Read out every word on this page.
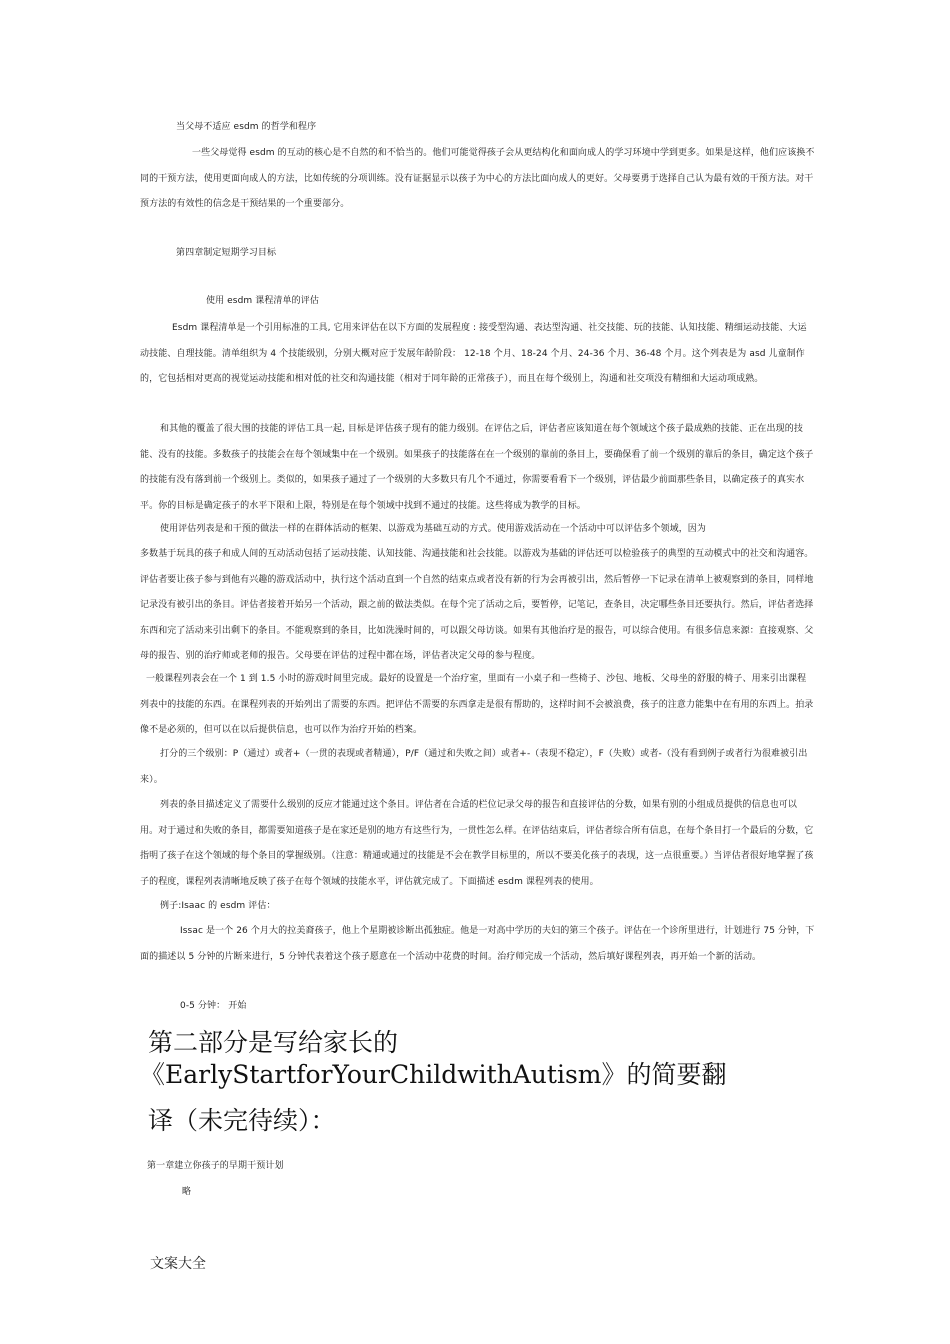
当父母不适应 esdm 的哲学和程序

一些父母觉得 esdm 的互动的核心是不自然的和不恰当的。他们可能觉得孩子会从更结构化和面向成人的学习环境中学到更多。如果是这样，他们应该换不同的干预方法，使用更面向成人的方法，比如传统的分项训练。没有证据显示以孩子为中心的方法比面向成人的更好。父母要勇于选择自己认为最有效的干预方法。对干预方法的有效性的信念是干预结果的一个重要部分。

第四章制定短期学习目标

使用 esdm 课程清单的评估

Esdm 课程清单是一个引用标准的工具, 它用来评估在以下方面的发展程度 : 接受型沟通、表达型沟通、社交技能、玩的技能、认知技能、精细运动技能、大运动技能、自理技能。清单组织为 4 个技能级别，分别大概对应于发展年龄阶段： 12-18 个月、18-24 个月、24-36 个月、36-48 个月。这个列表是为 asd 儿童制作的，它包括相对更高的视觉运动技能和相对低的社交和沟通技能（相对于同年龄的正常孩子），而且在每个级别上，沟通和社交项没有精细和大运动项成熟。

和其他的覆盖了很大围的技能的评估工具一起, 目标是评估孩子现有的能力级别。在评估之后，评估者应该知道在每个领域这个孩子最成熟的技能、正在出现的技能、没有的技能。多数孩子的技能会在每个领域集中在一个级别。如果孩子的技能落在在一个级别的靠前的条目上，要确保看了前一个级别的靠后的条目，确定这个孩子的技能有没有落到前一个级别上。类似的，如果孩子通过了一个级别的大多数只有几个不通过，你需要看看下一个级别，评估最少前面那些条目，以确定孩子的真实水平。你的目标是确定孩子的水平下限和上限，特别是在每个领域中找到不通过的技能。这些将成为教学的目标。

使用评估列表是和干预的做法一样的在群体活动的框架、以游戏为基础互动的方式。使用游戏活动在一个活动中可以评估多个领域，因为

多数基于玩具的孩子和成人间的互动活动包括了运动技能、认知技能、沟通技能和社会技能。以游戏为基础的评估还可以检验孩子的典型的互动模式中的社交和沟通容。评估者要让孩子参与到他有兴趣的游戏活动中，执行这个活动直到一个自然的结束点或者没有新的行为会再被引出，然后暂停一下记录在清单上被观察到的条目，同样地记录没有被引出的条目。评估者接着开始另一个活动，跟之前的做法类似。在每个完了活动之后，要暂停，记笔记，查条目，决定哪些条目还要执行。然后，评估者选择东西和完了活动来引出剩下的条目。不能观察到的条目，比如洗澡时间的，可以跟父母访谈。如果有其他治疗是的报告，可以综合使用。有很多信息来源：直接观察、父母的报告、别的治疗师或老师的报告。父母要在评估的过程中都在场，评估者决定父母的参与程度。

一般课程列表会在一个 1 到 1.5 小时的游戏时间里完成。最好的设置是一个治疗室，里面有一小桌子和一些椅子、沙包、地板、父母坐的舒服的椅子、用来引出课程列表中的技能的东西。在课程列表的开始列出了需要的东西。把评估不需要的东西拿走是很有帮助的，这样时间不会被浪费，孩子的注意力能集中在有用的东西上。拍录像不是必须的，但可以在以后提供信息，也可以作为治疗开始的档案。

打分的三个级别：P（通过）或者+（一贯的表现或者精通），P/F（通过和失败之间）或者+-（表现不稳定），F（失败）或者-（没有看到例子或者行为很难被引出来）。

列表的条目描述定义了需要什么级别的反应才能通过这个条目。评估者在合适的栏位记录父母的报告和直接评估的分数，如果有别的小组成员提供的信息也可以用。对于通过和失败的条目，都需要知道孩子是在家还是别的地方有这些行为，一贯性怎么样。在评估结束后，评估者综合所有信息，在每个条目打一个最后的分数，它指明了孩子在这个领域的每个条目的掌握级别。（注意：精通或通过的技能是不会在教学目标里的，所以不要美化孩子的表现，这一点很重要。）当评估者很好地掌握了孩子的程度，课程列表清晰地反映了孩子在每个领域的技能水平，评估就完成了。下面描述 esdm 课程列表的使用。

例子:Isaac 的 esdm 评估：

Issac 是一个 26 个月大的拉美裔孩子，他上个星期被诊断出孤独症。他是一对高中学历的夫妇的第三个孩子。评估在一个诊所里进行，计划进行 75 分钟，下面的描述以 5 分钟的片断来进行，5 分钟代表着这个孩子愿意在一个活动中花费的时间。治疗师完成一个活动，然后填好课程列表，再开始一个新的活动。

0-5 分钟： 开始

第二部分是写给家长的《EarlyStartforYourChildwithAutism》的简要翻

译（未完待续）：

第一章建立你孩子的早期干预计划

略

文案大全
